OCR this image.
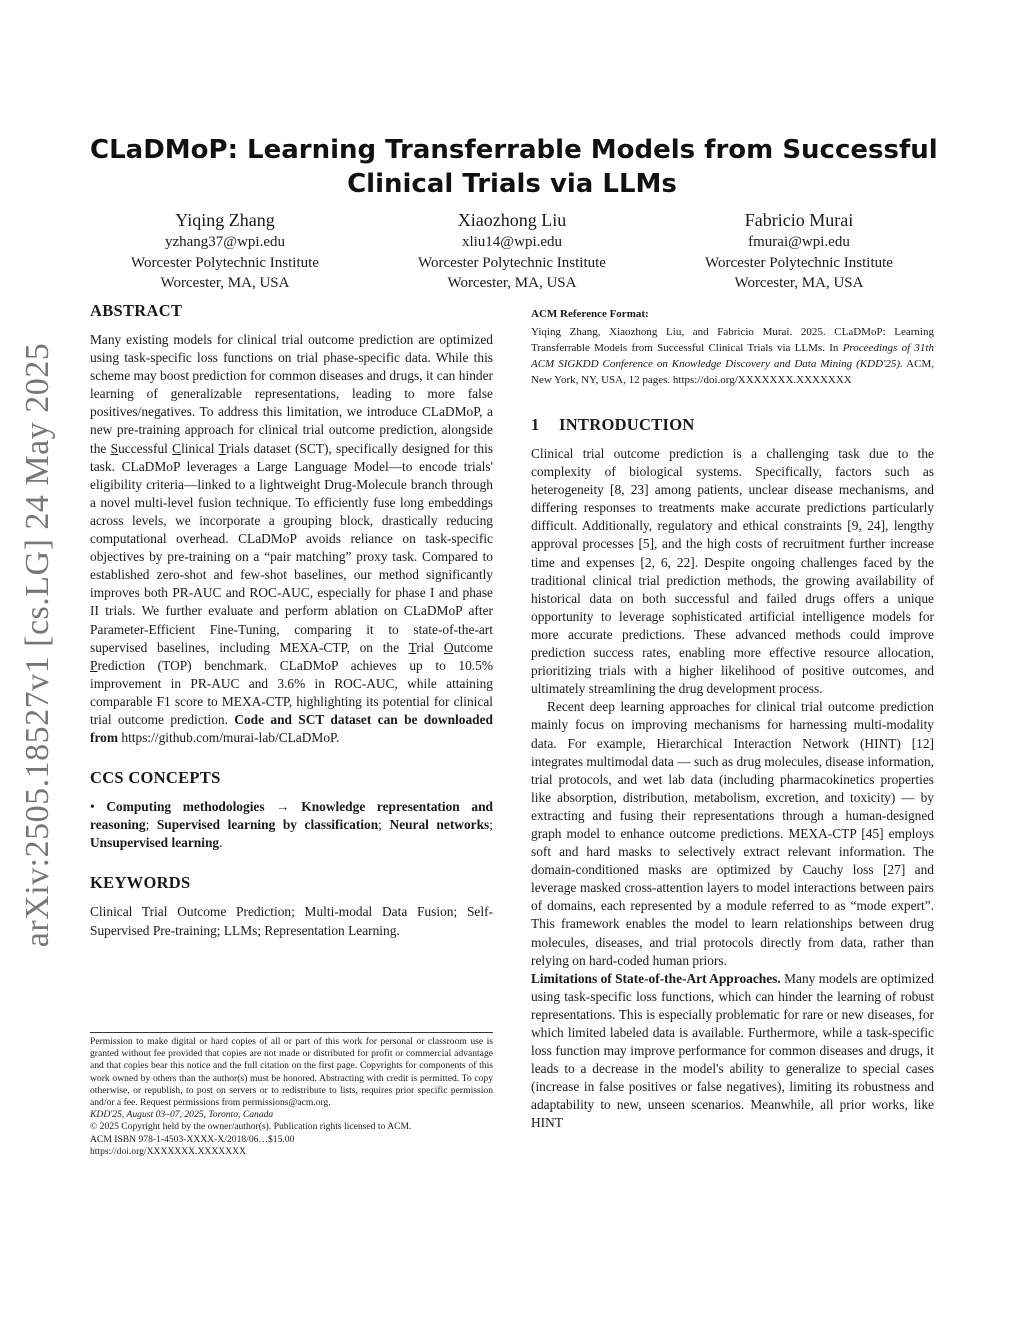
arXiv:2505.18527v1 [cs.LG] 24 May 2025
CLaDMoP: Learning Transferrable Models from Successful
Clinical Trials via LLMs
Yiqing Zhang
yzhang37@wpi.edu
Worcester Polytechnic Institute
Worcester, MA, USA
Xiaozhong Liu
xliu14@wpi.edu
Worcester Polytechnic Institute
Worcester, MA, USA
Fabricio Murai
fmurai@wpi.edu
Worcester Polytechnic Institute
Worcester, MA, USA
ABSTRACT

Many existing models for clinical trial outcome prediction are optimized using task-specific loss functions on trial phase-specific data. While this scheme may boost prediction for common diseases and drugs, it can hinder learning of generalizable representations, leading to more false positives/negatives. To address this limitation, we introduce CLaDMoP, a new pre-training approach for clinical trial outcome prediction, alongside the Successful Clinical Trials dataset (SCT), specifically designed for this task. CLaDMoP leverages a Large Language Model—to encode trials' eligibility criteria—linked to a lightweight Drug-Molecule branch through a novel multi-level fusion technique. To efficiently fuse long embeddings across levels, we incorporate a grouping block, drastically reducing computational overhead. CLaDMoP avoids reliance on task-specific objectives by pre-training on a “pair matching” proxy task. Compared to established zero-shot and few-shot baselines, our method significantly improves both PR-AUC and ROC-AUC, especially for phase I and phase II trials. We further evaluate and perform ablation on CLaDMoP after Parameter-Efficient Fine-Tuning, comparing it to state-of-the-art supervised baselines, including MEXA-CTP, on the Trial Outcome Prediction (TOP) benchmark. CLaDMoP achieves up to 10.5% improvement in PR-AUC and 3.6% in ROC-AUC, while attaining comparable F1 score to MEXA-CTP, highlighting its potential for clinical trial outcome prediction. Code and SCT dataset can be downloaded from https://github.com/murai-lab/CLaDMoP.

CCS CONCEPTS

• Computing methodologies → Knowledge representation and reasoning; Supervised learning by classification; Neural networks; Unsupervised learning.

KEYWORDS

Clinical Trial Outcome Prediction; Multi-modal Data Fusion; Self-Supervised Pre-training; LLMs; Representation Learning.

Permission to make digital or hard copies of all or part of this work for personal or classroom use is granted without fee provided that copies are not made or distributed for profit or commercial advantage and that copies bear this notice and the full citation on the first page. Copyrights for components of this work owned by others than the author(s) must be honored. Abstracting with credit is permitted. To copy otherwise, or republish, to post on servers or to redistribute to lists, requires prior specific permission and/or a fee. Request permissions from permissions@acm.org.
KDD'25, August 03–07, 2025, Toronto, Canada
© 2025 Copyright held by the owner/author(s). Publication rights licensed to ACM.
ACM ISBN 978-1-4503-XXXX-X/2018/06…$15.00
https://doi.org/XXXXXXX.XXXXXXX
ACM Reference Format:
Yiqing Zhang, Xiaozhong Liu, and Fabricio Murai. 2025. CLaDMoP: Learning Transferrable Models from Successful Clinical Trials via LLMs. In Proceedings of 31th ACM SIGKDD Conference on Knowledge Discovery and Data Mining (KDD'25). ACM, New York, NY, USA, 12 pages. https://doi.org/XXXXXXX.XXXXXXX
1 INTRODUCTION

Clinical trial outcome prediction is a challenging task due to the complexity of biological systems. Specifically, factors such as heterogeneity [8, 23] among patients, unclear disease mechanisms, and differing responses to treatments make accurate predictions particularly difficult. Additionally, regulatory and ethical constraints [9, 24], lengthy approval processes [5], and the high costs of recruitment further increase time and expenses [2, 6, 22]. Despite ongoing challenges faced by the traditional clinical trial prediction methods, the growing availability of historical data on both successful and failed drugs offers a unique opportunity to leverage sophisticated artificial intelligence models for more accurate predictions. These advanced methods could improve prediction success rates, enabling more effective resource allocation, prioritizing trials with a higher likelihood of positive outcomes, and ultimately streamlining the drug development process.

Recent deep learning approaches for clinical trial outcome prediction mainly focus on improving mechanisms for harnessing multi-modality data. For example, Hierarchical Interaction Network (HINT) [12] integrates multimodal data — such as drug molecules, disease information, trial protocols, and wet lab data (including pharmacokinetics properties like absorption, distribution, metabolism, excretion, and toxicity) — by extracting and fusing their representations through a human-designed graph model to enhance outcome predictions. MEXA-CTP [45] employs soft and hard masks to selectively extract relevant information. The domain-conditioned masks are optimized by Cauchy loss [27] and leverage masked cross-attention layers to model interactions between pairs of domains, each represented by a module referred to as “mode expert”. This framework enables the model to learn relationships between drug molecules, diseases, and trial protocols directly from data, rather than relying on hard-coded human priors.

Limitations of State-of-the-Art Approaches. Many models are optimized using task-specific loss functions, which can hinder the learning of robust representations. This is especially problematic for rare or new diseases, for which limited labeled data is available. Furthermore, while a task-specific loss function may improve performance for common diseases and drugs, it leads to a decrease in the model's ability to generalize to special cases (increase in false positives or false negatives), limiting its robustness and adaptability to new, unseen scenarios. Meanwhile, all prior works, like HINT
